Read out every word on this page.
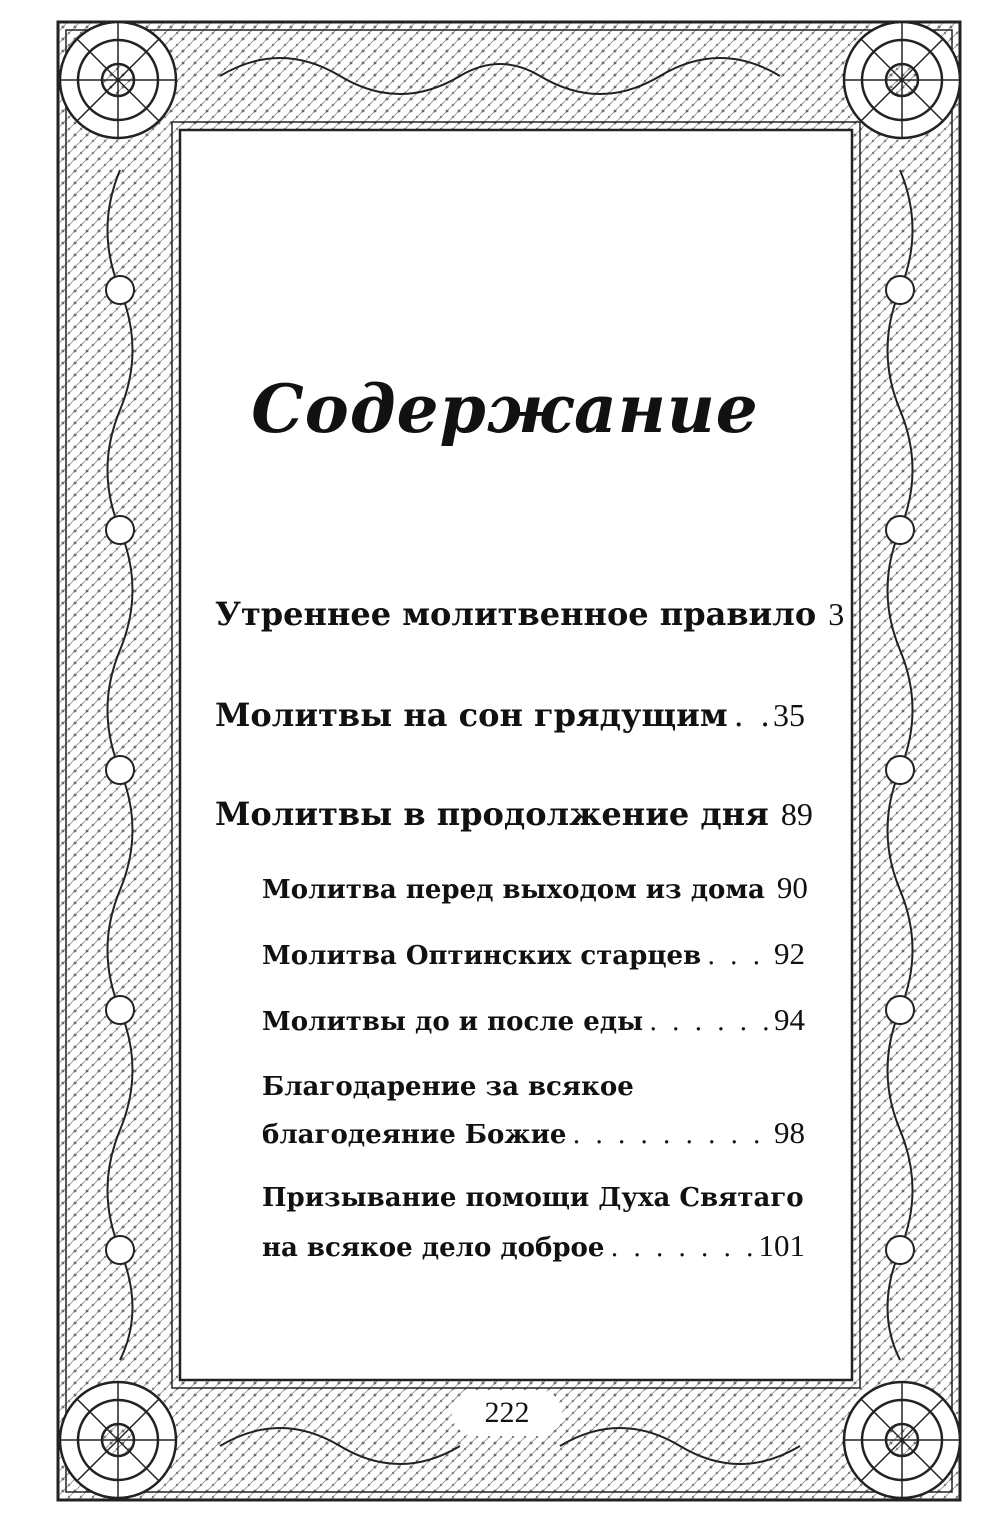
Содержание
Утреннее молитвенное правило 3
Молитвы на сон грядущим . . . 35
Молитвы в продолжение дня 89
Молитва перед выходом из дома 90
Молитва Оптинских старцев . . . 92
Молитвы до и после еды . . .	94
Благодарение за всякое
благодеяние Божие . . .	98
Призывание помощи Духа Святаго
на всякое дело доброе . . .	101
222
